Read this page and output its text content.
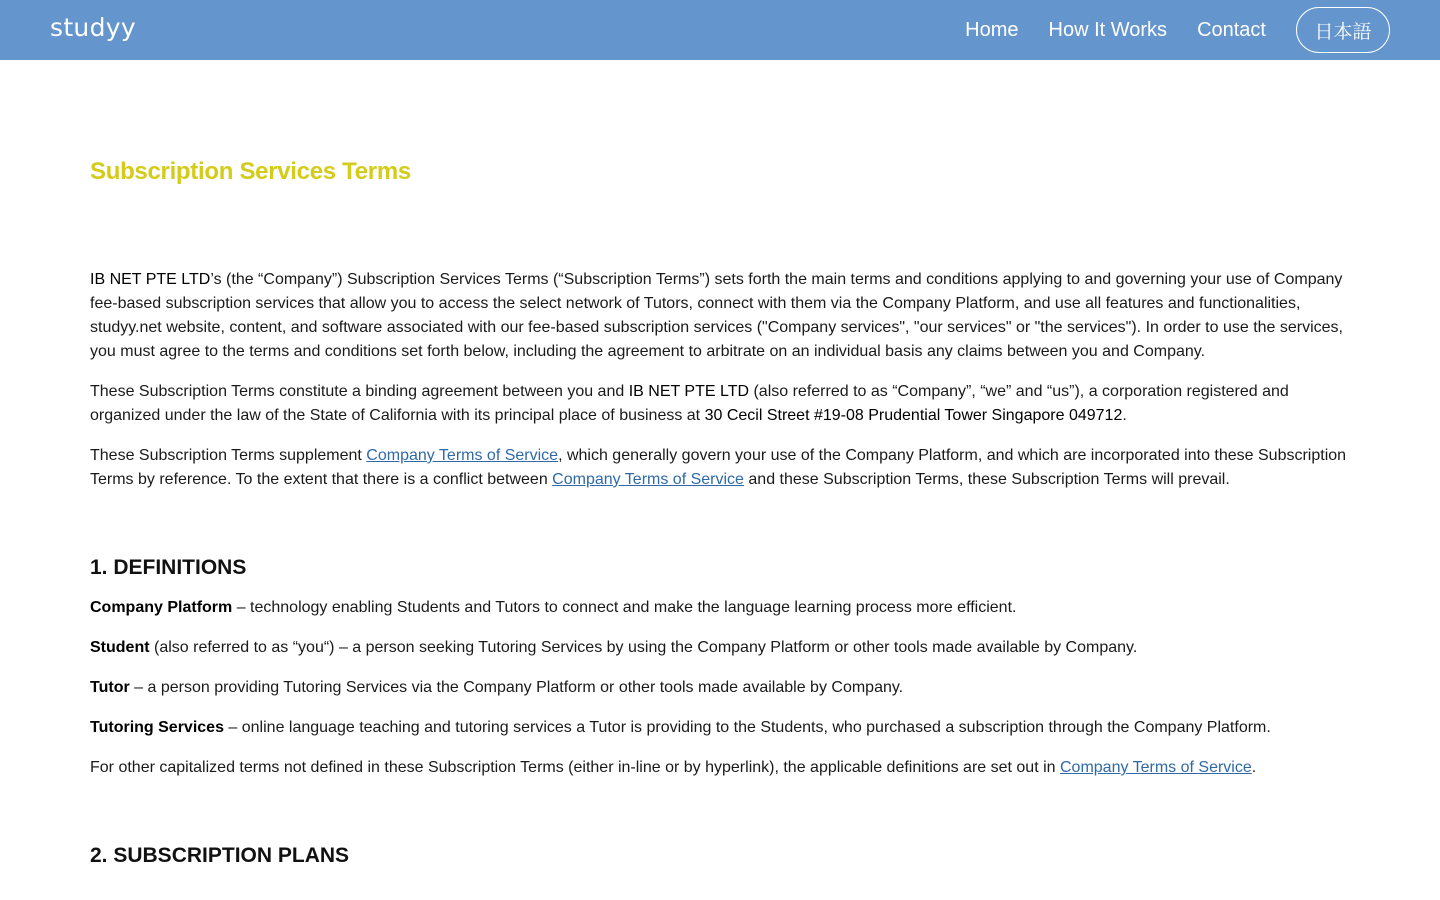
studyy	Home How It Works Contact	日本語
Subscription Services Terms

IB NET PTE LTD’s (the “Company”) Subscription Services Terms (“Subscription Terms”) sets forth the main terms and conditions applying to and governing your use of Company fee-based subscription services that allow you to access the select network of Tutors, connect with them via the Company Platform, and use all features and functionalities, studyy.net website, content, and software associated with our fee-based subscription services ("Company services", "our services" or "the services"). In order to use the services, you must agree to the terms and conditions set forth below, including the agreement to arbitrate on an individual basis any claims between you and Company.

These Subscription Terms constitute a binding agreement between you and IB NET PTE LTD (also referred to as “Company”, “we” and “us”), a corporation registered and organized under the law of the State of California with its principal place of business at 30 Cecil Street #19-08 Prudential Tower Singapore 049712.

These Subscription Terms supplement Company Terms of Service, which generally govern your use of the Company Platform, and which are incorporated into these Subscription Terms by reference. To the extent that there is a conflict between Company Terms of Service and these Subscription Terms, these Subscription Terms will prevail.

1. DEFINITIONS

Company Platform – technology enabling Students and Tutors to connect and make the language learning process more efficient.

Student (also referred to as “you“) – a person seeking Tutoring Services by using the Company Platform or other tools made available by Company.

Tutor – a person providing Tutoring Services via the Company Platform or other tools made available by Company.

Tutoring Services – online language teaching and tutoring services a Tutor is providing to the Students, who purchased a subscription through the Company Platform.

For other capitalized terms not defined in these Subscription Terms (either in-line or by hyperlink), the applicable definitions are set out in Company Terms of Service.

2. SUBSCRIPTION PLANS
